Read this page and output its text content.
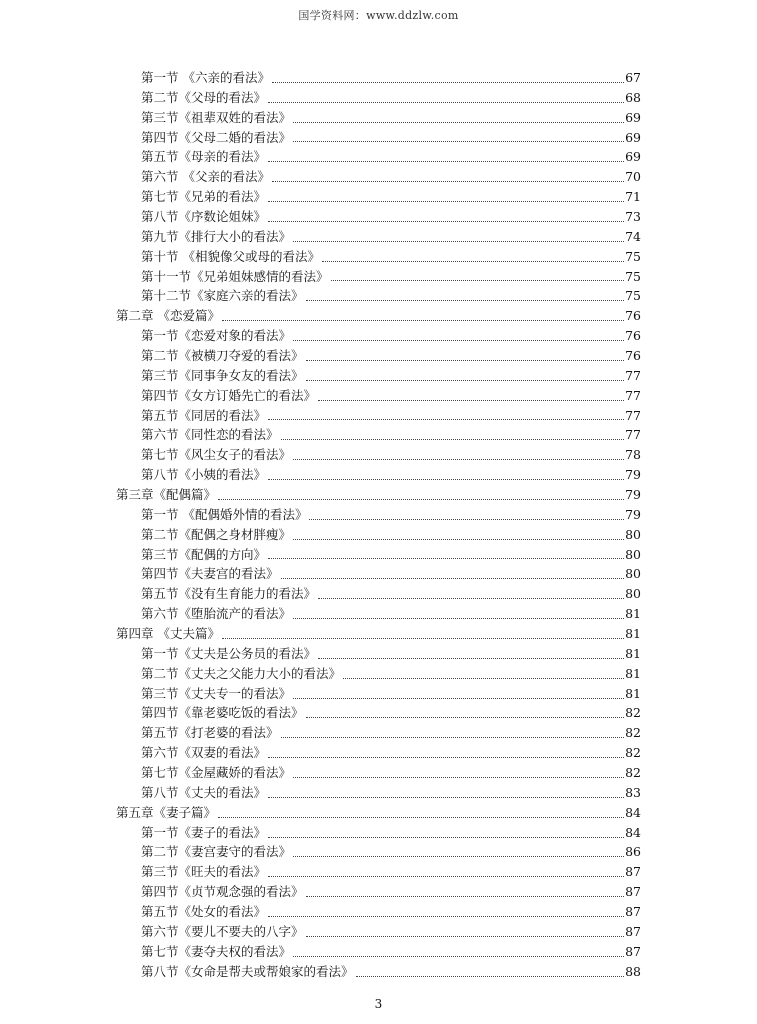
国学资料网：www.ddzlw.com
第一节 《六亲的看法》	67
第二节《父母的看法》	68
第三节《祖辈双姓的看法》	69
第四节《父母二婚的看法》	69
第五节《母亲的看法》	69
第六节 《父亲的看法》	70
第七节《兄弟的看法》	71
第八节《序数论姐妹》	73
第九节《排行大小的看法》	74
第十节 《相貌像父或母的看法》	75
第十一节《兄弟姐妹感情的看法》	75
第十二节《家庭六亲的看法》	75
第二章 《恋爱篇》	76
第一节《恋爱对象的看法》	76
第二节《被横刀夺爱的看法》	76
第三节《同事争女友的看法》	77
第四节《女方订婚先亡的看法》	77
第五节《同居的看法》	77
第六节《同性恋的看法》	77
第七节《风尘女子的看法》	78
第八节《小姨的看法》	79
第三章《配偶篇》	79
第一节 《配偶婚外情的看法》	79
第二节《配偶之身材胖瘦》	80
第三节《配偶的方向》	80
第四节《夫妻宫的看法》	80
第五节《没有生育能力的看法》	80
第六节《堕胎流产的看法》	81
第四章 《丈夫篇》	81
第一节《丈夫是公务员的看法》	81
第二节《丈夫之父能力大小的看法》	81
第三节《丈夫专一的看法》	81
第四节《靠老婆吃饭的看法》	82
第五节《打老婆的看法》	82
第六节《双妻的看法》	82
第七节《金屋藏娇的看法》	82
第八节《丈夫的看法》	83
第五章《妻子篇》	84
第一节《妻子的看法》	84
第二节《妻宫妻守的看法》	86
第三节《旺夫的看法》	87
第四节《贞节观念强的看法》	87
第五节《处女的看法》	87
第六节《要儿不要夫的八字》	87
第七节《妻夺夫权的看法》	87
第八节《女命是帮夫或帮娘家的看法》	88
3
